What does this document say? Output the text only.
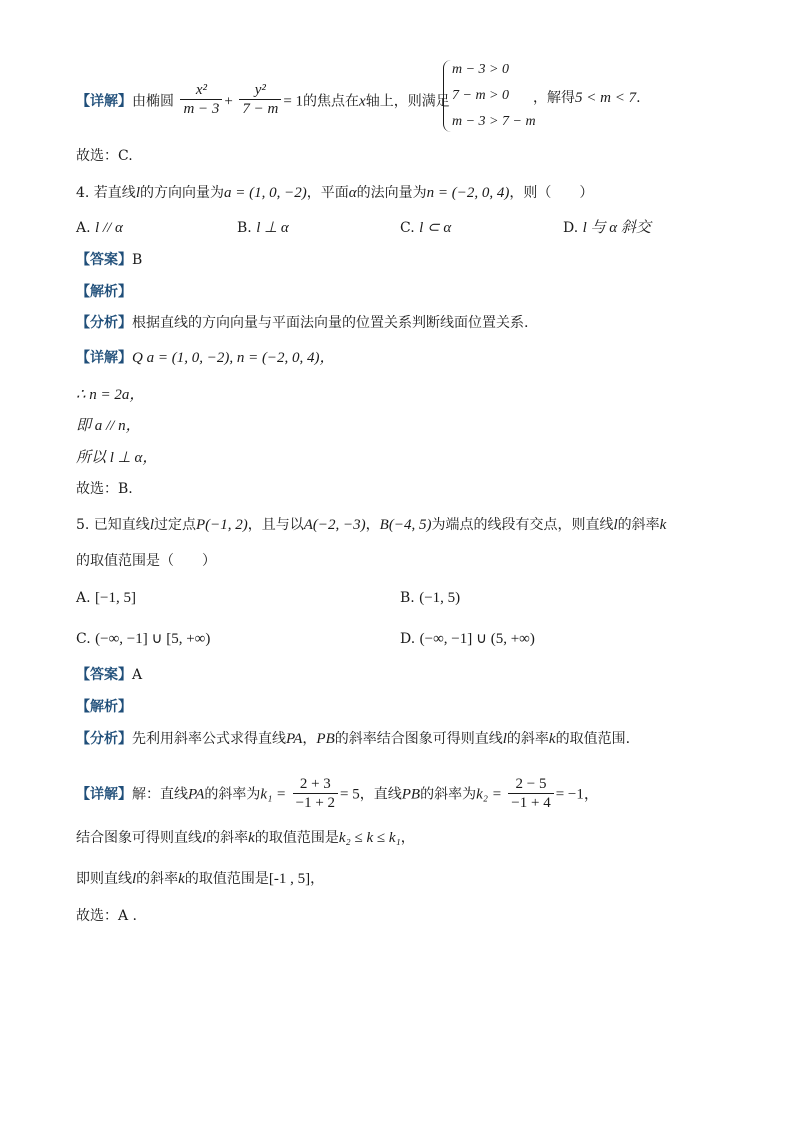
【详解】由椭圆 $\frac{\text{x²}}{m - 3} + \frac{\text{y²}}{7 - m} = 1$的焦点在x轴上，则满足
m − 3 > 0
7 − m > 0
m − 3 > 7 − m
，解得5 < m < 7.
故选：C.
4. 若直线l的方向向量为a = (1, 0, −2)，平面α的法向量为n = (−2, 0, 4)，则（　　）
A. l // α	B. l ⊥ α	C. l ⊂ α	D. l 与 α 斜交
【答案】B
【解析】
【分析】根据直线的方向向量与平面法向量的位置关系判断线面位置关系.
【详解】Q a = (1, 0, −2), n = (−2, 0, 4)，
∴ n = 2a，
即 a // n，
所以 l ⊥ α，
故选：B.
5. 已知直线l过定点P(−1, 2)，且与以A(−2, −3)，B(−4, 5)为端点的线段有交点，则直线l的斜率k
的取值范围是（　　）
A. [−1, 5]	B. (−1, 5)
C. (−∞, −1] ∪ [5, +∞)	D. (−∞, −1] ∪ (5, +∞)
【答案】A
【解析】
【分析】先利用斜率公式求得直线PA，PB的斜率结合图象可得则直线l的斜率k的取值范围.
【详解】解：直线PA的斜率为$k_1 = \frac{2 + 3}{-1 + 2} = 5$，直线PB的斜率为$k_2 = \frac{2 - 5}{-1 + 4} = -1$，
结合图象可得则直线l的斜率k的取值范围是k₂ ≤ k ≤ k₁，
即则直线l的斜率k的取值范围是[-1 , 5]，
故选：A .
